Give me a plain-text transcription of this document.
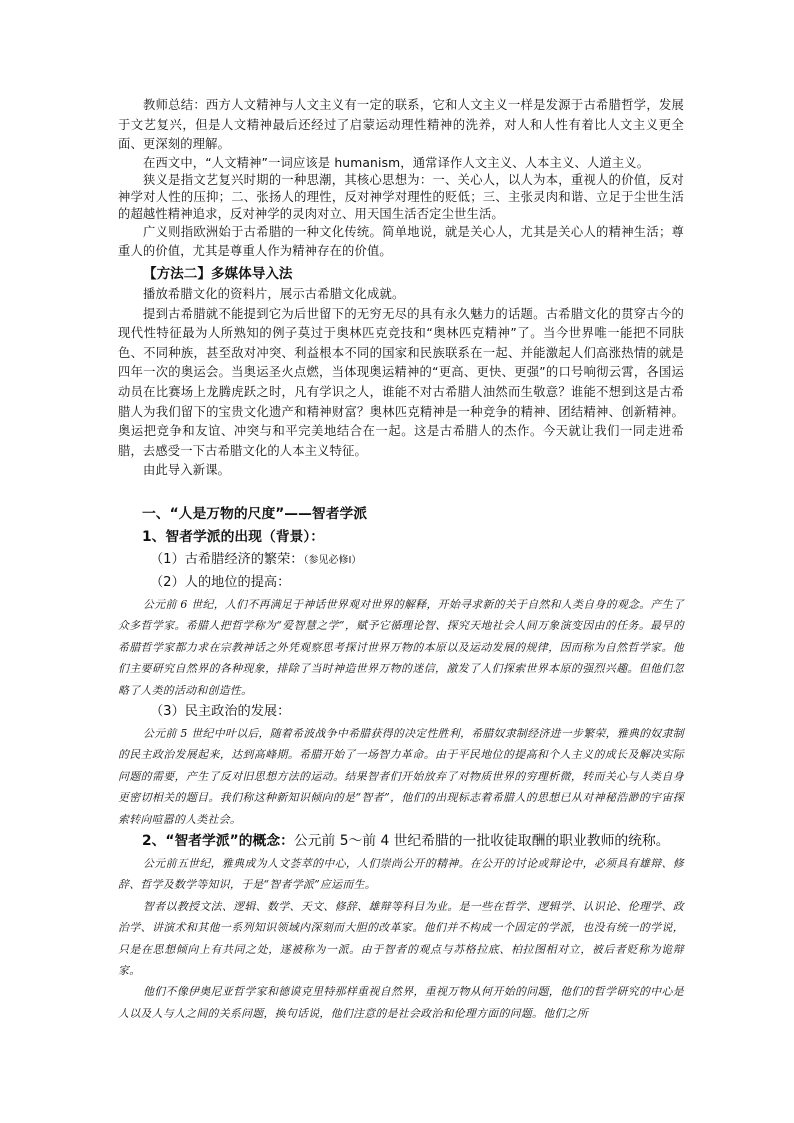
教师总结：西方人文精神与人文主义有一定的联系，它和人文主义一样是发源于古希腊哲学，发展于文艺复兴，但是人文精神最后还经过了启蒙运动理性精神的洗养，对人和人性有着比人文主义更全面、更深刻的理解。

在西文中，“人文精神”一词应该是 humanism，通常译作人文主义、人本主义、人道主义。

狭义是指文艺复兴时期的一种思潮，其核心思想为：一、关心人，以人为本，重视人的价值，反对神学对人性的压抑；二、张扬人的理性，反对神学对理性的贬低；三、主张灵肉和谐、立足于尘世生活的超越性精神追求，反对神学的灵肉对立、用天国生活否定尘世生活。

广义则指欧洲始于古希腊的一种文化传统。简单地说，就是关心人，尤其是关心人的精神生活；尊重人的价值，尤其是尊重人作为精神存在的价值。

【方法二】多媒体导入法

播放希腊文化的资料片，展示古希腊文化成就。

提到古希腊就不能提到它为后世留下的无穷无尽的具有永久魅力的话题。古希腊文化的贯穿古今的现代性特征最为人所熟知的例子莫过于奥林匹克竞技和“奥林匹克精神”了。当今世界唯一能把不同肤色、不同种族，甚至敌对冲突、利益根本不同的国家和民族联系在一起、并能激起人们高涨热情的就是四年一次的奥运会。当奥运圣火点燃，当体现奥运精神的“更高、更快、更强”的口号响彻云霄，各国运动员在比赛场上龙腾虎跃之时，凡有学识之人，谁能不对古希腊人油然而生敬意？谁能不想到这是古希腊人为我们留下的宝贵文化遗产和精神财富？奥林匹克精神是一种竞争的精神、团结精神、创新精神。奥运把竞争和友谊、冲突与和平完美地结合在一起。这是古希腊人的杰作。今天就让我们一同走进希腊，去感受一下古希腊文化的人本主义特征。

由此导入新课。

一、“人是万物的尺度”——智者学派

1、智者学派的出现（背景）：

（1）古希腊经济的繁荣：（参见必修Ⅰ）

（2）人的地位的提高：

公元前 6 世纪，人们不再满足于神话世界观对世界的解释，开始寻求新的关于自然和人类自身的观念。产生了众多哲学家。希腊人把哲学称为“爱智慧之学”，赋予它循理论智、探究天地社会人间万象演变因由的任务。最早的希腊哲学家都力求在宗教神话之外凭观察思考探讨世界万物的本原以及运动发展的规律，因而称为自然哲学家。他们主要研究自然界的各种现象，排除了当时神造世界万物的迷信，激发了人们探索世界本原的强烈兴趣。但他们忽略了人类的活动和创造性。

（3）民主政治的发展：

公元前 5 世纪中叶以后，随着希波战争中希腊获得的决定性胜利，希腊奴隶制经济进一步繁荣，雅典的奴隶制的民主政治发展起来，达到高峰期。希腊开始了一场智力革命。由于平民地位的提高和个人主义的成长及解决实际问题的需要，产生了反对旧思想方法的运动。结果智者们开始放弃了对物质世界的穷理析微，转而关心与人类自身更密切相关的题目。我们称这种新知识倾向的是“智者”，他们的出现标志着希腊人的思想已从对神秘浩渺的宇宙探索转向喧嚣的人类社会。

2、“智者学派”的概念：公元前 5～前 4 世纪希腊的一批收徒取酬的职业教师的统称。

公元前五世纪，雅典成为人文荟萃的中心，人们崇尚公开的精神。在公开的讨论或辩论中，必须具有雄辩、修辞、哲学及数学等知识，于是“智者学派”应运而生。

智者以教授文法、逻辑、数学、天文、修辞、雄辩等科目为业。是一些在哲学、逻辑学、认识论、伦理学、政治学、讲演术和其他一系列知识领域内深刻而大胆的改革家。他们并不构成一个固定的学派，也没有统一的学说，只是在思想倾向上有共同之处，遂被称为一派。由于智者的观点与苏格拉底、柏拉图相对立，被后者贬称为诡辩家。

他们不像伊奥尼亚哲学家和德谟克里特那样重视自然界，重视万物从何开始的问题，他们的哲学研究的中心是人以及人与人之间的关系问题，换句话说，他们注意的是社会政治和伦理方面的问题。他们之所
